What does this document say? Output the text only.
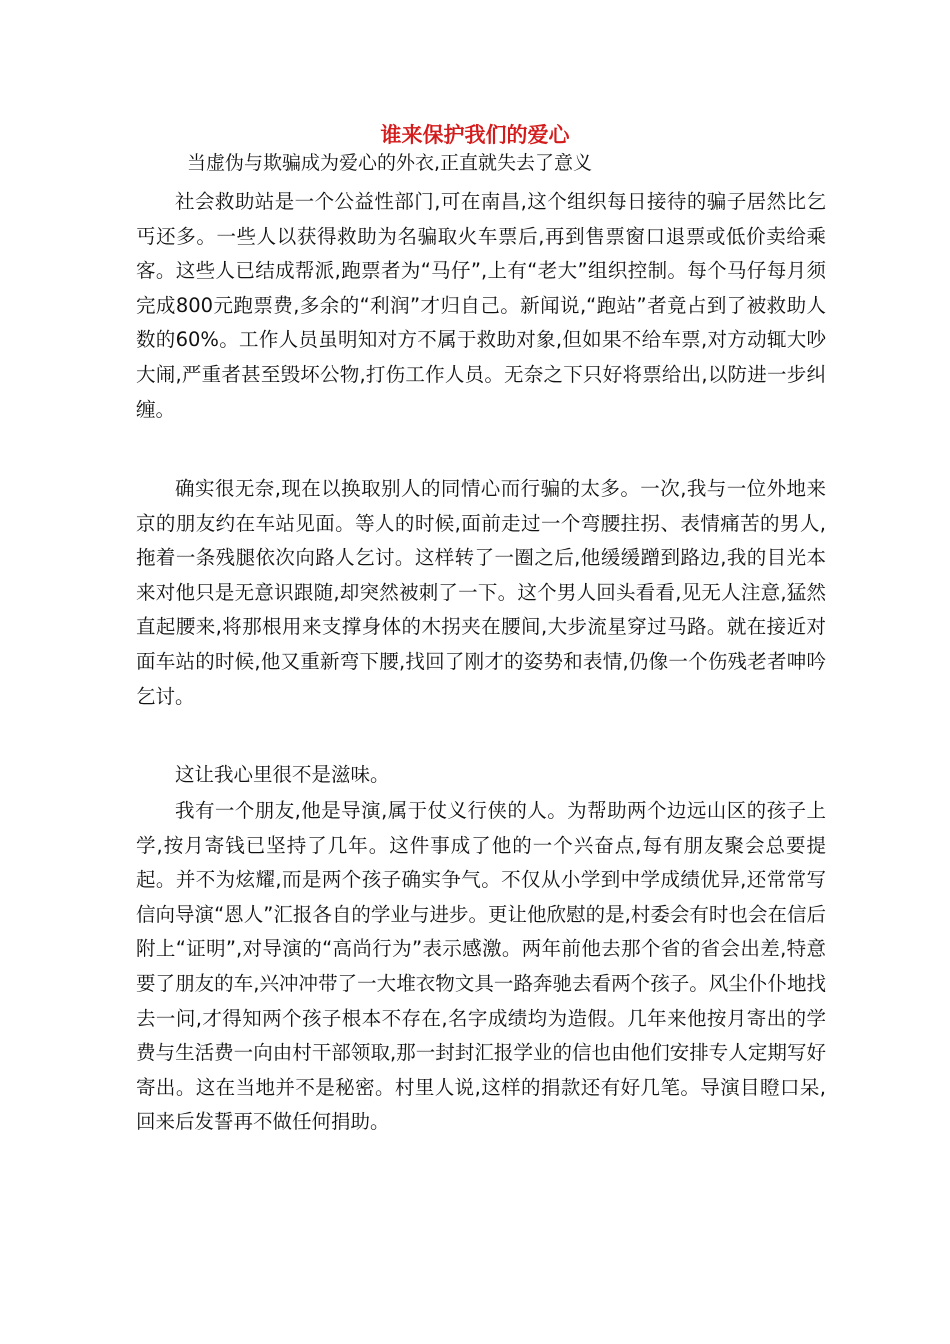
谁来保护我们的爱心

当虚伪与欺骗成为爱心的外衣,正直就失去了意义

社会救助站是一个公益性部门,可在南昌,这个组织每日接待的骗子居然比乞丐还多。一些人以获得救助为名骗取火车票后,再到售票窗口退票或低价卖给乘客。这些人已结成帮派,跑票者为“马仔”,上有“老大”组织控制。每个马仔每月须完成800元跑票费,多余的“利润”才归自己。新闻说,“跑站”者竟占到了被救助人数的60%。工作人员虽明知对方不属于救助对象,但如果不给车票,对方动辄大吵大闹,严重者甚至毁坏公物,打伤工作人员。无奈之下只好将票给出,以防进一步纠缠。

确实很无奈,现在以换取别人的同情心而行骗的太多。一次,我与一位外地来京的朋友约在车站见面。等人的时候,面前走过一个弯腰拄拐、表情痛苦的男人,拖着一条残腿依次向路人乞讨。这样转了一圈之后,他缓缓蹭到路边,我的目光本来对他只是无意识跟随,却突然被刺了一下。这个男人回头看看,见无人注意,猛然直起腰来,将那根用来支撑身体的木拐夹在腰间,大步流星穿过马路。就在接近对面车站的时候,他又重新弯下腰,找回了刚才的姿势和表情,仍像一个伤残老者呻吟乞讨。

这让我心里很不是滋味。

我有一个朋友,他是导演,属于仗义行侠的人。为帮助两个边远山区的孩子上学,按月寄钱已坚持了几年。这件事成了他的一个兴奋点,每有朋友聚会总要提起。并不为炫耀,而是两个孩子确实争气。不仅从小学到中学成绩优异,还常常写信向导演“恩人”汇报各自的学业与进步。更让他欣慰的是,村委会有时也会在信后附上“证明”,对导演的“高尚行为”表示感激。两年前他去那个省的省会出差,特意要了朋友的车,兴冲冲带了一大堆衣物文具一路奔驰去看两个孩子。风尘仆仆地找去一问,才得知两个孩子根本不存在,名字成绩均为造假。几年来他按月寄出的学费与生活费一向由村干部领取,那一封封汇报学业的信也由他们安排专人定期写好寄出。这在当地并不是秘密。村里人说,这样的捐款还有好几笔。导演目瞪口呆,回来后发誓再不做任何捐助。
